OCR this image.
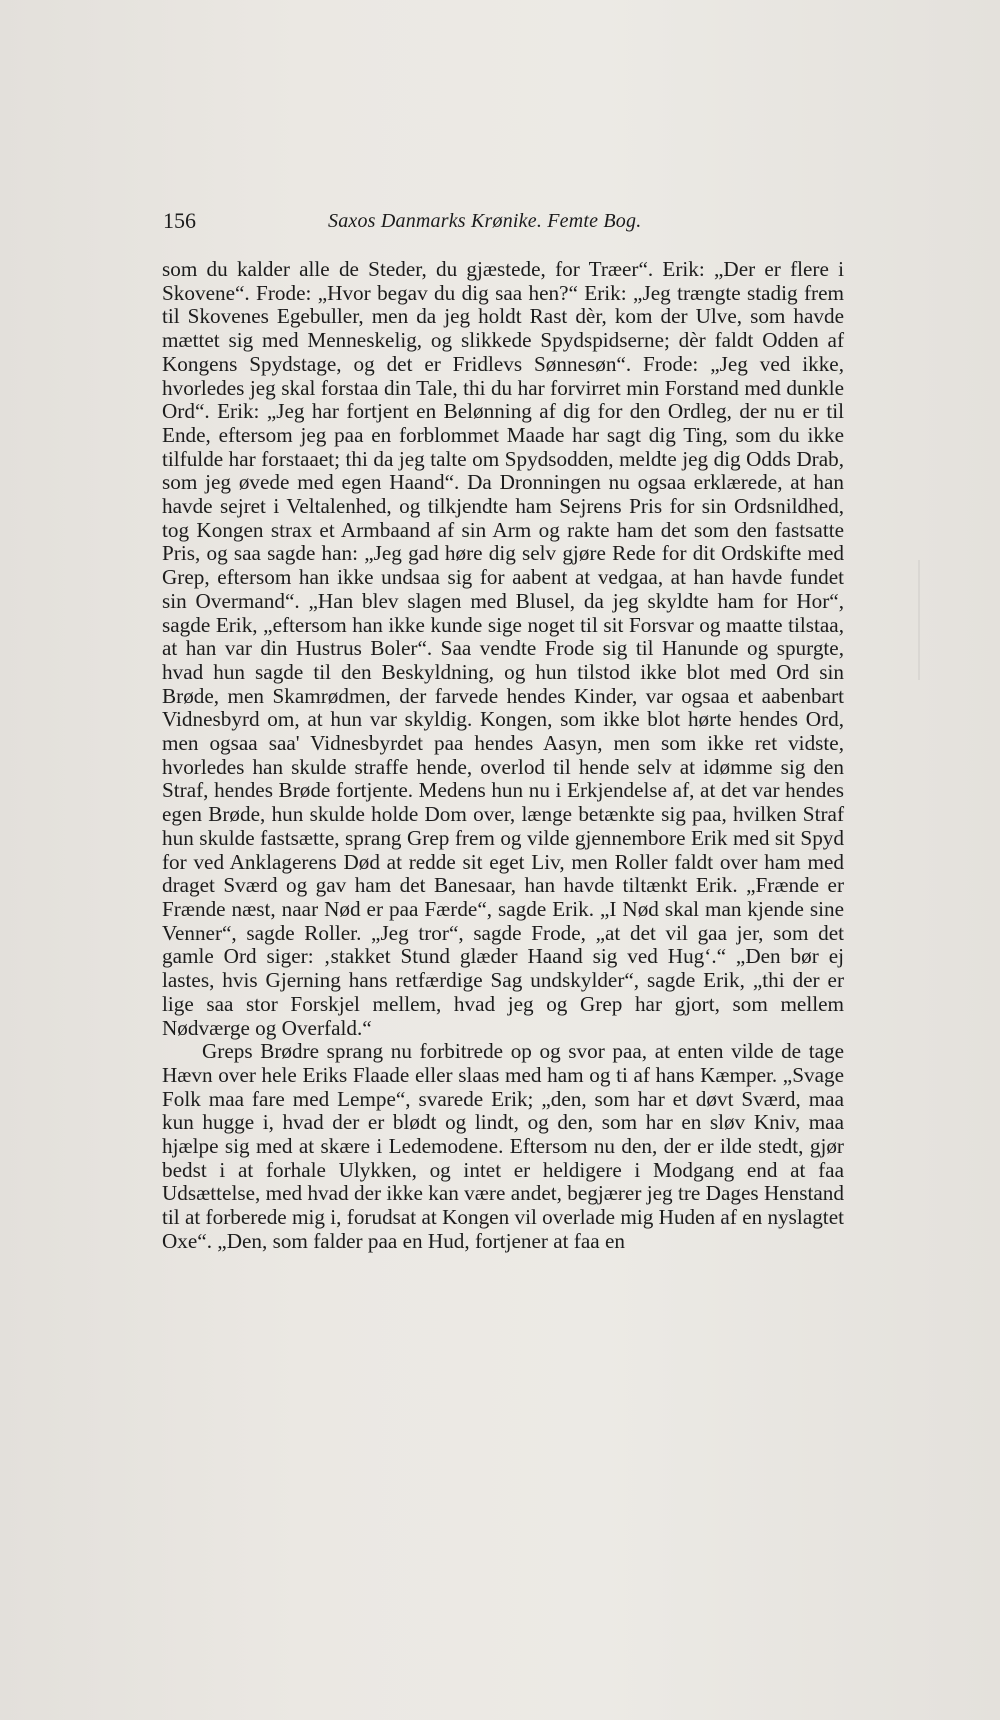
156	Saxos Danmarks Krønike. Femte Bog.

som du kalder alle de Steder, du gjæstede, for Træer“. Erik: „Der er flere i Skovene“. Frode: „Hvor begav du dig saa hen?“ Erik: „Jeg trængte stadig frem til Skovenes Egebuller, men da jeg holdt Rast dèr, kom der Ulve, som havde mættet sig med Menneskelig, og slikkede Spydspidserne; dèr faldt Odden af Kongens Spydstage, og det er Fridlevs Sønnesøn“. Frode: „Jeg ved ikke, hvorledes jeg skal forstaa din Tale, thi du har forvirret min Forstand med dunkle Ord“. Erik: „Jeg har fortjent en Belønning af dig for den Ordleg, der nu er til Ende, eftersom jeg paa en forblommet Maade har sagt dig Ting, som du ikke tilfulde har forstaaet; thi da jeg talte om Spydsodden, meldte jeg dig Odds Drab, som jeg øvede med egen Haand“. Da Dronningen nu ogsaa erklærede, at han havde sejret i Veltalenhed, og tilkjendte ham Sejrens Pris for sin Ordsnildhed, tog Kongen strax et Armbaand af sin Arm og rakte ham det som den fastsatte Pris, og saa sagde han: „Jeg gad høre dig selv gjøre Rede for dit Ordskifte med Grep, eftersom han ikke undsaa sig for aabent at vedgaa, at han havde fundet sin Overmand“. „Han blev slagen med Blusel, da jeg skyldte ham for Hor“, sagde Erik, „eftersom han ikke kunde sige noget til sit Forsvar og maatte tilstaa, at han var din Hustrus Boler“. Saa vendte Frode sig til Hanunde og spurgte, hvad hun sagde til den Beskyldning, og hun tilstod ikke blot med Ord sin Brøde, men Skamrødmen, der farvede hendes Kinder, var ogsaa et aabenbart Vidnesbyrd om, at hun var skyldig. Kongen, som ikke blot hørte hendes Ord, men ogsaa saa' Vidnesbyrdet paa hendes Aasyn, men som ikke ret vidste, hvorledes han skulde straffe hende, overlod til hende selv at idømme sig den Straf, hendes Brøde fortjente. Medens hun nu i Erkjendelse af, at det var hendes egen Brøde, hun skulde holde Dom over, længe betænkte sig paa, hvilken Straf hun skulde fastsætte, sprang Grep frem og vilde gjennembore Erik med sit Spyd for ved Anklagerens Død at redde sit eget Liv, men Roller faldt over ham med draget Sværd og gav ham det Banesaar, han havde tiltænkt Erik. „Frænde er Frænde næst, naar Nød er paa Færde“, sagde Erik. „I Nød skal man kjende sine Venner“, sagde Roller. „Jeg tror“, sagde Frode, „at det vil gaa jer, som det gamle Ord siger: ‚stakket Stund glæder Haand sig ved Hug‘.“ „Den bør ej lastes, hvis Gjerning hans retfærdige Sag undskylder“, sagde Erik, „thi der er lige saa stor Forskjel mellem, hvad jeg og Grep har gjort, som mellem Nødværge og Overfald.“

Greps Brødre sprang nu forbitrede op og svor paa, at enten vilde de tage Hævn over hele Eriks Flaade eller slaas med ham og ti af hans Kæmper. „Svage Folk maa fare med Lempe“, svarede Erik; „den, som har et døvt Sværd, maa kun hugge i, hvad der er blødt og lindt, og den, som har en sløv Kniv, maa hjælpe sig med at skære i Ledemodene. Eftersom nu den, der er ilde stedt, gjør bedst i at forhale Ulykken, og intet er heldigere i Modgang end at faa Udsættelse, med hvad der ikke kan være andet, begjærer jeg tre Dages Henstand til at forberede mig i, forudsat at Kongen vil overlade mig Huden af en nyslagtet Oxe“. „Den, som falder paa en Hud, fortjener at faa en
